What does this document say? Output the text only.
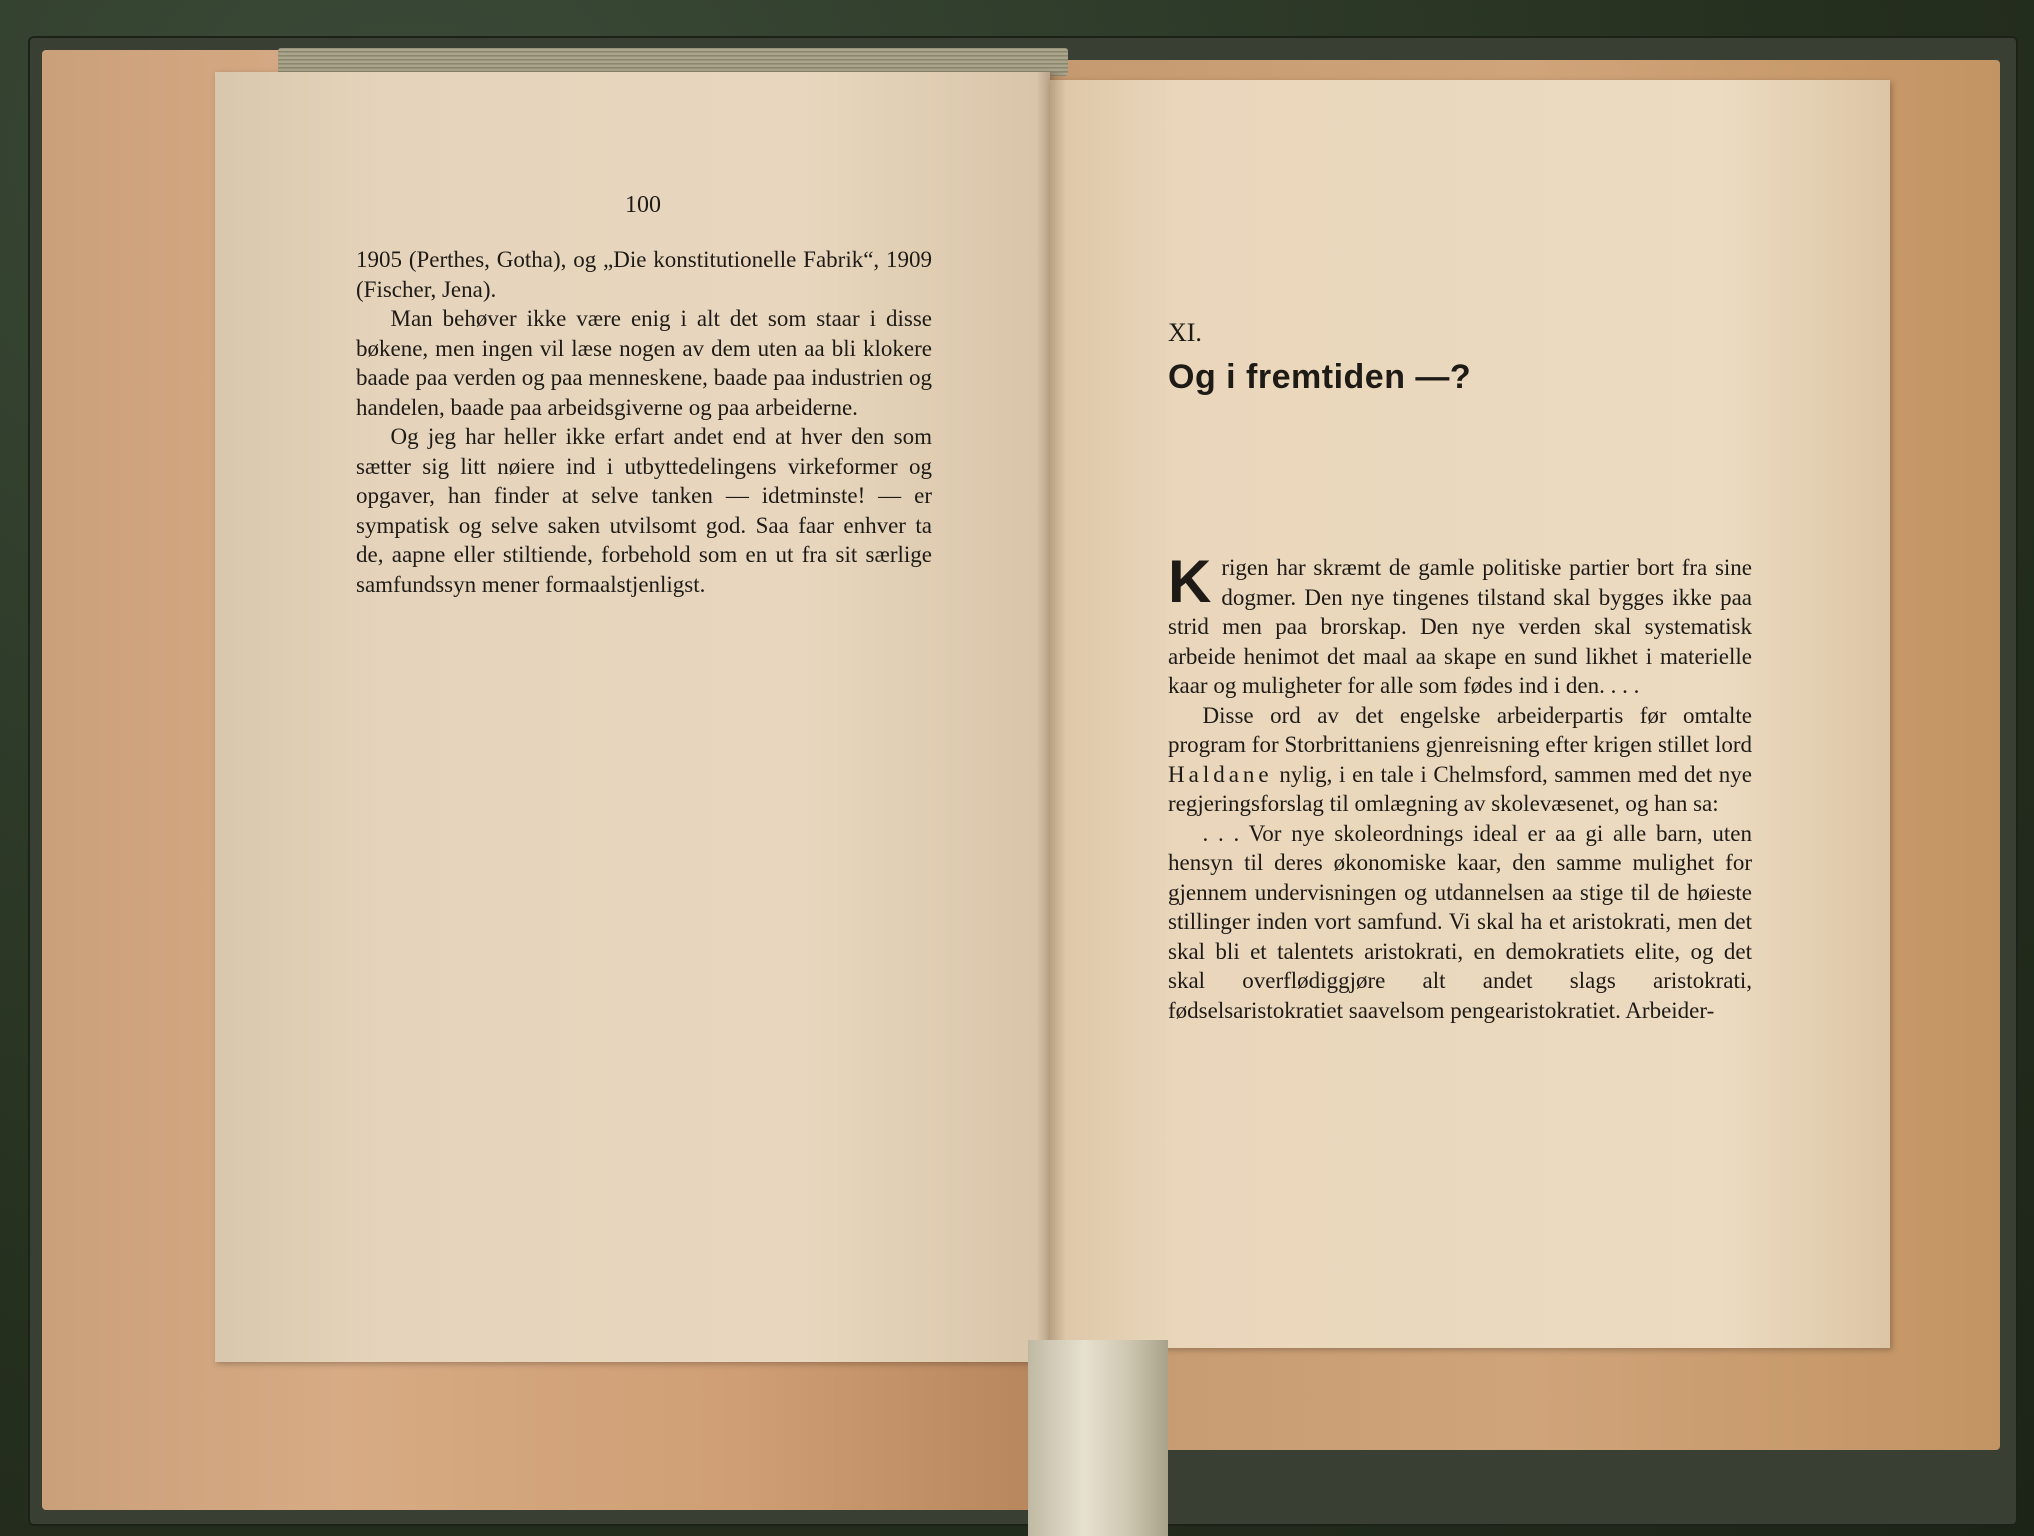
100

1905 (Perthes, Gotha), og „Die konstitutionelle Fabrik“, 1909 (Fischer, Jena).

Man behøver ikke være enig i alt det som staar i disse bøkene, men ingen vil læse nogen av dem uten aa bli klokere baade paa verden og paa menneskene, baade paa industrien og handelen, baade paa arbeidsgiverne og paa arbeiderne.

Og jeg har heller ikke erfart andet end at hver den som sætter sig litt nøiere ind i utbyttedelingens virkeformer og opgaver, han finder at selve tanken — idetminste! — er sympatisk og selve saken utvilsomt god. Saa faar enhver ta de, aapne eller stiltiende, forbehold som en ut fra sit særlige samfundssyn mener formaalstjenligst.

XI.
Og i fremtiden —?

Krigen har skræmt de gamle politiske partier bort fra sine dogmer. Den nye tingenes tilstand skal bygges ikke paa strid men paa brorskap. Den nye verden skal systematisk arbeide henimot det maal aa skape en sund likhet i materielle kaar og muligheter for alle som fødes ind i den. . . .

Disse ord av det engelske arbeiderpartis før omtalte program for Storbrittaniens gjenreisning efter krigen stillet lord Haldane nylig, i en tale i Chelmsford, sammen med det nye regjeringsforslag til omlægning av skolevæsenet, og han sa:

. . . Vor nye skoleordnings ideal er aa gi alle barn, uten hensyn til deres økonomiske kaar, den samme mulighet for gjennem undervisningen og utdannelsen aa stige til de høieste stillinger inden vort samfund. Vi skal ha et aristokrati, men det skal bli et talentets aristokrati, en demokratiets elite, og det skal overflødiggjøre alt andet slags aristokrati, fødselsaristokratiet saavelsom pengearistokratiet. Arbeider-
